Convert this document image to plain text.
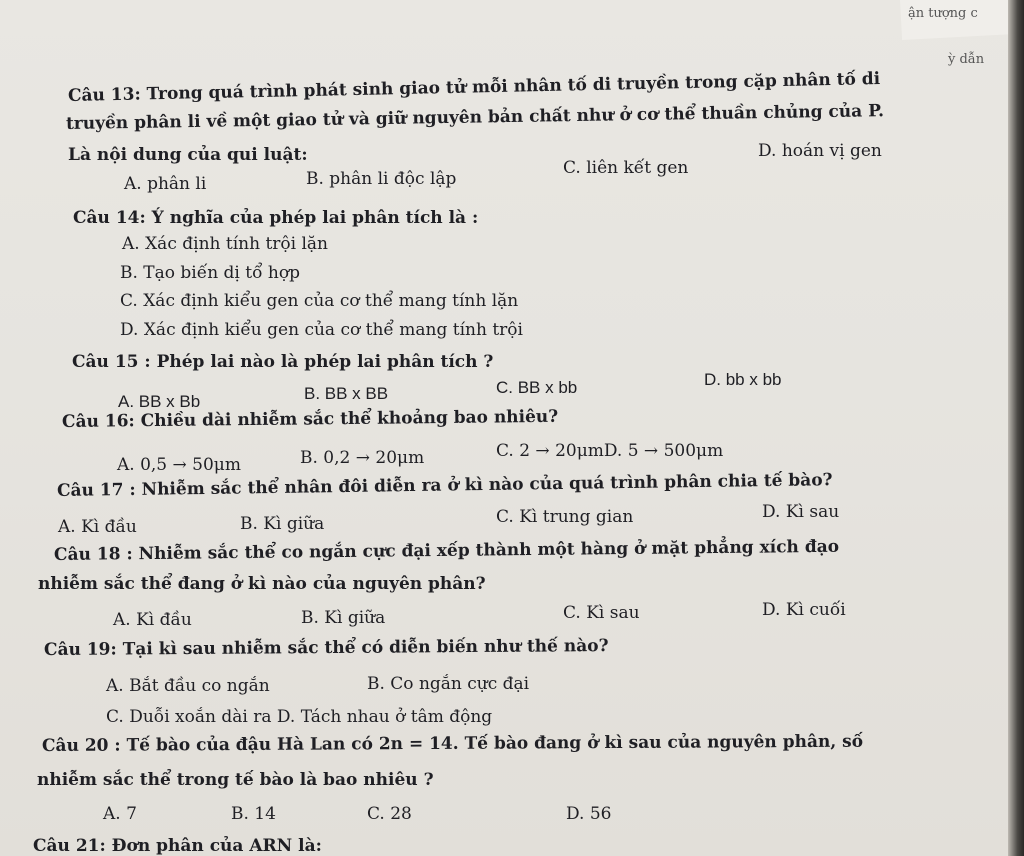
ận tượng c
ỳ dẫn
Câu 13: Trong quá trình phát sinh giao tử mỗi nhân tố di truyền trong cặp nhân tố di
truyền phân li về một giao tử và giữ nguyên bản chất như ở cơ thể thuần chủng của P.
Là nội dung của qui luật:
A. phân li	B. phân li độc lập
C. liên kết gen
D. hoán vị gen
Câu 14: Ý nghĩa của phép lai phân tích là :
A. Xác định tính trội lặn
B. Tạo biến dị tổ hợp
C. Xác định kiểu gen của cơ thể mang tính lặn
D. Xác định kiểu gen của cơ thể mang tính trội
Câu 15 : Phép lai nào là phép lai phân tích ?
A. BB x Bb	B. BB x BB	C. BB x bb	D. bb x bb
Câu 16: Chiều dài nhiễm sắc thể khoảng bao nhiêu?
A. 0,5 → 50μm	B. 0,2 → 20μm	C. 2 → 20μmD. 5 → 500μm
Câu 17 : Nhiễm sắc thể nhân đôi diễn ra ở kì nào của quá trình phân chia tế bào?
A. Kì đầu	B. Kì giữa	C. Kì trung gian	D. Kì sau
Câu 18 : Nhiễm sắc thể co ngắn cực đại xếp thành một hàng ở mặt phẳng xích đạo
nhiễm sắc thể đang ở kì nào của nguyên phân?
A. Kì đầu	B. Kì giữa	C. Kì sau	D. Kì cuối
Câu 19: Tại kì sau nhiễm sắc thể có diễn biến như thế nào?
A. Bắt đầu co ngắn	B. Co ngắn cực đại
C. Duỗi xoắn dài ra D. Tách nhau ở tâm động
Câu 20 : Tế bào của đậu Hà Lan có 2n = 14. Tế bào đang ở kì sau của nguyên phân, số
nhiễm sắc thể trong tế bào là bao nhiêu ?
A. 7	B. 14	C. 28	D. 56
Câu 21: Đơn phân của ARN là:
